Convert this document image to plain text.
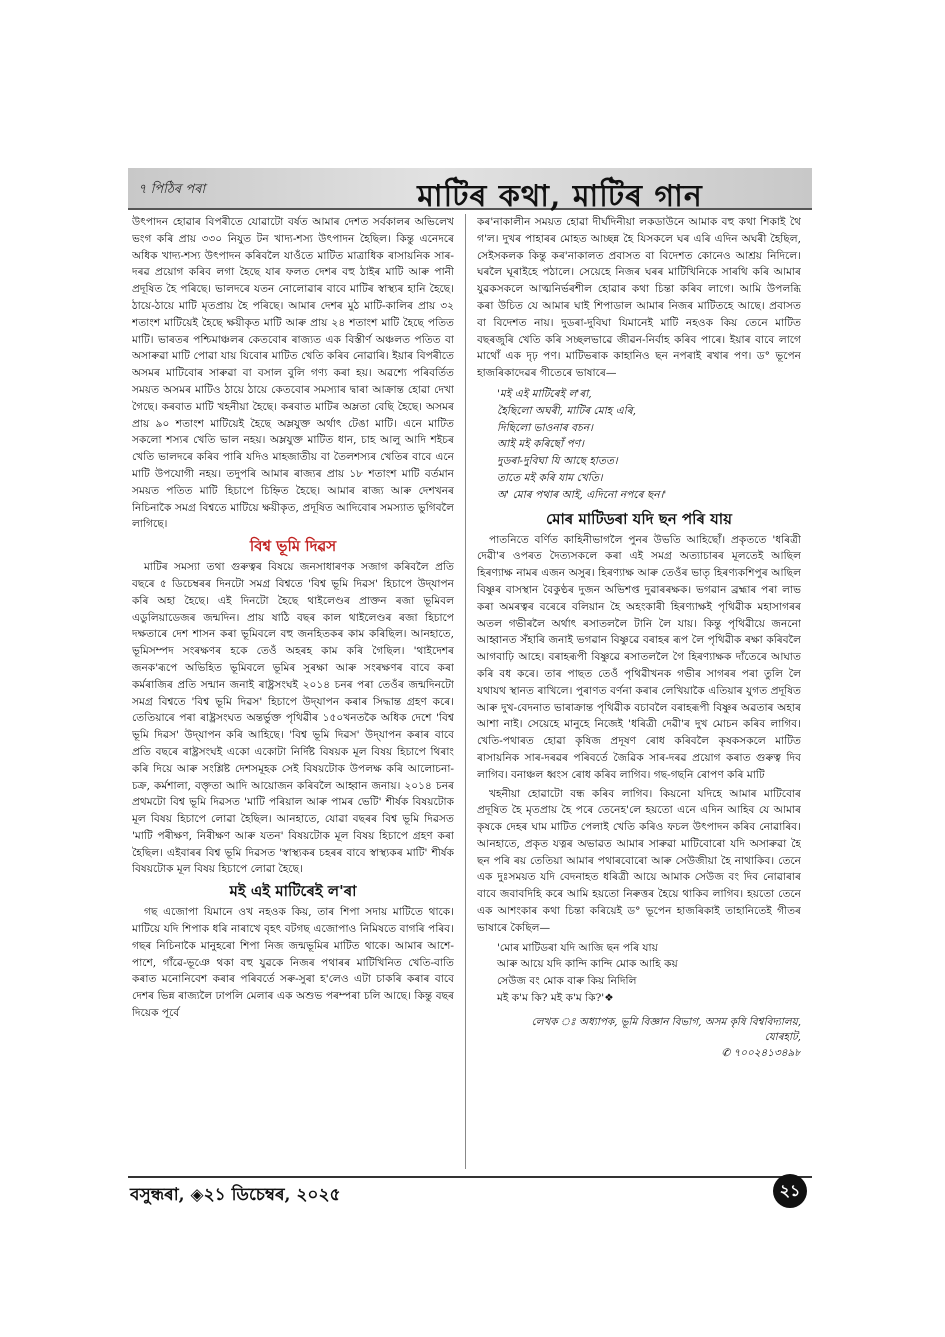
৭ পিঠিৰ পৰা	মাটিৰ কথা, মাটিৰ গান

উৎপাদন হোৱাৰ বিপৰীতে যোৱাটো বৰ্ষত আমাৰ দেশত সৰ্বকালৰ অভিলেখ ভংগ কৰি প্ৰায় ৩৩০ নিযুত টন খাদ্য-শস্য উৎপাদন হৈছিল। কিন্তু এনেদৰে অধিক খাদ্য-শস্য উৎপাদন কৰিবলৈ যাওঁতে মাটিত মাত্ৰাধিক ৰাসায়নিক সাৰ-দৰৱ প্ৰয়োগ কৰিব লগা হৈছে যাৰ ফলত দেশৰ বহু ঠাইৰ মাটি আৰু পানী প্ৰদূষিত হৈ পৰিছে। ভালদৰে যতন নোলোৱাৰ বাবে মাটিৰ স্বাস্থ্যৰ হানি হৈছে। ঠায়ে-ঠায়ে মাটি মৃতপ্ৰায় হৈ পৰিছে। আমাৰ দেশৰ মুঠ মাটি-কালিৰ প্ৰায় ৩২ শতাংশ মাটিয়েই হৈছে ক্ষয়ীকৃত মাটি আৰু প্ৰায় ২৪ শতাংশ মাটি হৈছে পতিত মাটি। ভাৰতৰ পশ্চিমাঞ্চলৰ কেতবোৰ ৰাজ্যত এক বিস্তীৰ্ণ অঞ্চলত পতিত বা অসাৰুৱা মাটি পোৱা যায় যিবোৰ মাটিত খেতি কৰিব নোৱাৰি। ইয়াৰ বিপৰীতে অসমৰ মাটিবোৰ সাৰুৱা বা বসাল বুলি গণ্য কৰা হয়। অৱশ্যে পৰিবৰ্তিত সময়ত অসমৰ মাটিও ঠায়ে ঠায়ে কেতবোৰ সমস্যাৰ দ্বাৰা আক্ৰান্ত হোৱা দেখা গৈছে। কৰবাত মাটি খহনীয়া হৈছে। কৰবাত মাটিৰ অম্লতা বেছি হৈছে। অসমৰ প্ৰায় ৯০ শতাংশ মাটিয়েই হৈছে অম্লযুক্ত অৰ্থাৎ টেঙা মাটি। এনে মাটিত সকলো শস্যৰ খেতি ভাল নহয়। অম্লযুক্ত মাটিত ধান, চাহ আলু আদি শইচৰ খেতি ভালদৰে কৰিব পাৰি যদিও মাহজাতীয় বা তৈলশস্যৰ খেতিৰ বাবে এনে মাটি উপযোগী নহয়। তদুপৰি আমাৰ ৰাজ্যৰ প্ৰায় ১৮ শতাংশ মাটি বৰ্তমান সময়ত পতিত মাটি হিচাপে চিহ্নিত হৈছে। আমাৰ ৰাজ্য আৰু দেশখনৰ নিচিনাকৈ সমগ্ৰ বিশ্বতে মাটিয়ে ক্ষয়ীকৃত, প্ৰদূষিত আদিবোৰ সমস্যাত ভুগিবলৈ লাগিছে।

বিশ্ব ভূমি দিৱস

মাটিৰ সমস্যা তথা গুৰুত্বৰ বিষয়ে জনসাধাৰণক সজাগ কৰিবলৈ প্ৰতি বছৰে ৫ ডিচেম্বৰৰ দিনটো সমগ্ৰ বিশ্বতে 'বিশ্ব ভূমি দিৱস' হিচাপে উদ্‌যাপন কৰি অহা হৈছে। এই দিনটো হৈছে থাইলেণ্ডৰ প্ৰাক্তন ৰজা ভূমিবল এডুলিয়াডেজৰ জন্মদিন। প্ৰায় ষাঠি বছৰ কাল থাইলেণ্ডৰ ৰজা হিচাপে দক্ষতাৰে দেশ শাসন কৰা ভূমিবলে বহু জনহিতকৰ কাম কৰিছিল। আনহাতে, ভূমিসম্পদ সংৰক্ষণৰ হকে তেওঁ অহৰহ কাম কৰি গৈছিল। 'থাইদেশৰ জনক'ৰূপে অভিহিত ভূমিবলে ভূমিৰ সুৰক্ষা আৰু সংৰক্ষণৰ বাবে কৰা কৰ্মৰাজিৰ প্ৰতি সন্মান জনাই ৰাষ্ট্ৰসংঘই ২০১৪ চনৰ পৰা তেওঁৰ জন্মদিনটো সমগ্ৰ বিশ্বতে 'বিশ্ব ভূমি দিৱস' হিচাপে উদ্‌যাপন কৰাৰ সিদ্ধান্ত গ্ৰহণ কৰে। তেতিয়াৰে পৰা ৰাষ্ট্ৰসংঘত অন্তৰ্ভুক্ত পৃথিৱীৰ ১৫০খনতকৈ অধিক দেশে 'বিশ্ব ভূমি দিৱস' উদ্‌যাপন কৰি আহিছে। 'বিশ্ব ভূমি দিৱস' উদ্‌যাপন কৰাৰ বাবে প্ৰতি বছৰে ৰাষ্ট্ৰসংঘই একো একোটা নিৰ্দিষ্ট বিষয়ক মূল বিষয় হিচাপে থিৰাং কৰি দিয়ে আৰু সংশ্লিষ্ট দেশসমূহক সেই বিষয়টোক উপলক্ষ কৰি আলোচনা-চক্ৰ, কৰ্মশালা, বক্তৃতা আদি আয়োজন কৰিবলৈ আহ্বান জনায়। ২০১৪ চনৰ প্ৰথমটো বিশ্ব ভূমি দিৱসত 'মাটি পৰিয়াল আৰু পামৰ ভেটি' শীৰ্ষক বিষয়টোক মূল বিষয় হিচাপে লোৱা হৈছিল। আনহাতে, যোৱা বছৰৰ বিশ্ব ভূমি দিৱসত 'মাটি পৰীক্ষণ, নিৰীক্ষণ আৰু যতন' বিষয়টোক মূল বিষয় হিচাপে গ্ৰহণ কৰা হৈছিল। এইবাৰৰ বিশ্ব ভূমি দিৱসত 'স্বাস্থ্যকৰ চহৰৰ বাবে স্বাস্থ্যকৰ মাটি' শীৰ্ষক বিষয়টোক মূল বিষয় হিচাপে লোৱা হৈছে।

মই এই মাটিৰেই ল'ৰা

গছ এজোপা যিমানে ওখ নহওক কিয়, তাৰ শিপা সদায় মাটিতে থাকে। মাটিয়ে যদি শিপাক ধৰি নাৰাখে বৃহৎ বটগছ এজোপাও নিমিষতে বাগৰি পৰিব। গছৰ নিচিনাকৈ মানুহৰো শিপা নিজ জন্মভূমিৰ মাটিত থাকে। আমাৰ আশে-পাশে, গাঁৱে-ভূঞে থকা বহু যুৱকে নিজৰ পথাৰৰ মাটিখিনিত খেতি-বাতি কৰাত মনোনিবেশ কৰাৰ পৰিবৰ্তে সৰু-সুৰা হ'লেও এটা চাকৰি কৰাৰ বাবে দেশৰ ভিন্ন ৰাজ্যলৈ ঢাপলি মেলাৰ এক অশুভ পৰম্পৰা চলি আছে। কিন্তু বছৰ দিয়েক পূৰ্বে

কৰ'নাকালীন সময়ত হোৱা দীৰ্ঘদিনীয়া লকডাউনে আমাক বহু কথা শিকাই থৈ গ'ল। দুখৰ পাহাৰৰ মোহত আচ্ছন্ন হৈ যিসকলে ঘৰ এৰি এদিন অঘৰী হৈছিল, সেইসকলক কিন্তু কৰ'নাকালত প্ৰবাসত বা বিদেশত কোনেও আশ্ৰয় নিদিলে। ঘৰলৈ ঘূৰাইহে পঠালে। সেয়েহে নিজৰ ঘৰৰ মাটিখিনিকে সাৰথি কৰি আমাৰ যুৱকসকলে আত্মনিৰ্ভৰশীল হোৱাৰ কথা চিন্তা কৰিব লাগে। আমি উপলব্ধি কৰা উচিত যে আমাৰ ঘাই শিপাডাল আমাৰ নিজৰ মাটিতহে আছে। প্ৰবাসত বা বিদেশত নায়। দুডৰা-দুবিঘা যিমানেই মাটি নহওক কিয় তেনে মাটিত বছৰজুৰি খেতি কৰি সচ্ছলভাৱে জীৱন-নিৰ্বাহ কৰিব পাৰে। ইয়াৰ বাবে লাগে মাথোঁ এক দৃঢ় পণ। মাটিভৰাক কাহানিও ছন নপৰাই ৰখাৰ পণ। ড° ভূপেন হাজৰিকাদেৱৰ গীতেৰে ভাষাৰে—

'মই এই মাটিৰেই ল'ৰা,
হৈছিলো অঘৰী, মাটিৰ মোহ এৰি,
দিছিলো ভাওনাৰ বচন।
আই মই কৰিছোঁ পণ।
দুডৰা-দুবিঘা যি আছে হাতত।
তাতে মই কৰি যাম খেতি।
অ' মোৰ পথাৰ আই, এদিনো নপৰে ছন।'
মোৰ মাটিডৰা যদি ছন পৰি যায়

পাতনিতে বৰ্ণিত কাহিনীভাগলৈ পুনৰ উভতি আহিছোঁ। প্ৰকৃততে 'ধৰিত্ৰী দেৱী'ৰ ওপৰত দৈত্যসকলে কৰা এই সমগ্ৰ অত্যাচাৰৰ মূলতেই আছিল হিৰণ্যাক্ষ নামৰ এজন অসুৰ। হিৰণ্যাক্ষ আৰু তেওঁৰ ভাতৃ হিৰণ্যকশিপুৰ আছিল বিষ্ণুৰ বাসস্থান বৈকুণ্ঠৰ দুজন অভিশপ্ত দুৱাৰৰক্ষক। ভগৱান ব্ৰহ্মাৰ পৰা লাভ কৰা অমৰত্বৰ বৰেৰে বলিয়ান হৈ অহংকাৰী হিৰণ্যাক্ষই পৃথিৱীক মহাসাগৰৰ অতল গভীৰলৈ অৰ্থাৎ ৰসাতললৈ টানি লৈ যায়। কিন্তু পৃথিৱীয়ে জননো আহ্বানত সঁহাৰি জনাই ভগৱান বিষ্ণুৱে বৰাহৰ ৰূপ লৈ পৃথিৱীক ৰক্ষা কৰিবলৈ আগবাঢ়ি আহে। বৰাহৰূপী বিষ্ণুৱে ৰসাতললৈ গৈ হিৰণ্যাক্ষক দাঁতেৰে আঘাত কৰি বধ কৰে। তাৰ পাছত তেওঁ পৃথিৱীখনক গভীৰ সাগৰৰ পৰা তুলি লৈ যথাযথ স্থানত ৰাখিলে। পুৰাণত বৰ্ণনা কৰাৰ লেখিয়াকৈ এতিয়াৰ যুগত প্ৰদূষিত আৰু দুখ-বেদনাত ভাৰাক্ৰান্ত পৃথিৱীক বচাবলৈ বৰাহৰূপী বিষ্ণুৰ অৱতাৰ অহাৰ আশা নাই। সেয়েহে মানুহে নিজেই 'ধৰিত্ৰী দেৱী'ৰ দুখ মোচন কৰিব লাগিব। খেতি-পথাৰত হোৱা কৃষিজ প্ৰদূষণ ৰোধ কৰিবলৈ কৃষকসকলে মাটিত ৰাসায়নিক সাৰ-দৰৱৰ পৰিবৰ্তে জৈৱিক সাৰ-দৰৱ প্ৰয়োগ কৰাত গুৰুত্ব দিব লাগিব। বনাঞ্চল ধ্বংস ৰোধ কৰিব লাগিব। গছ-গছনি ৰোপণ কৰি মাটি

খহনীয়া হোৱাটো বন্ধ কৰিব লাগিব। কিয়নো যদিহে আমাৰ মাটিবোৰ প্ৰদূষিত হৈ মৃতপ্ৰায় হৈ পৰে তেনেহ'লে হয়তো এনে এদিন আহিব যে আমাৰ কৃষকে দেহৰ ঘাম মাটিত পেলাই খেতি কৰিও ফচল উৎপাদন কৰিব নোৱাৰিব। আনহাতে, প্ৰকৃত যত্নৰ অভাৱত আমাৰ সাৰুৱা মাটিবোৰো যদি অসাৰুৱা হৈ ছন পৰি ৰয় তেতিয়া আমাৰ পথাৰবোৰো আৰু সেউজীয়া হৈ নাথাকিব। তেনে এক দুঃসময়ত যদি বেদনাহত ধৰিত্ৰী আয়ে আমাক সেউজ বং দিব নোৱাৰাৰ বাবে জবাবদিহি কৰে আমি হয়তো নিৰুত্তৰ হৈয়ে থাকিব লাগিব। হয়তো তেনে এক আশংকাৰ কথা চিন্তা কৰিয়েই ড° ভূপেন হাজৰিকাই তাহানিতেই গীতৰ ভাষাৰে কৈছিল—

'মোৰ মাটিডৰা যদি আজি ছন পৰি যায়
আৰু আয়ে যদি কান্দি কান্দি মোক আহি কয়
সেউজ বং মোক বাৰু কিয় নিদিলি
মই ক'ম কি? মই ক'ম কি?'❖
লেখক ঃ অধ্যাপক, ভূমি বিজ্ঞান বিভাগ, অসম কৃষি বিশ্ববিদ্যালয়,
যোৰহাট,
✆ ৭০০২৪১৩৪৯৮
বসুন্ধৰা, ◈২১ ডিচেম্বৰ, ২০২৫	২১
